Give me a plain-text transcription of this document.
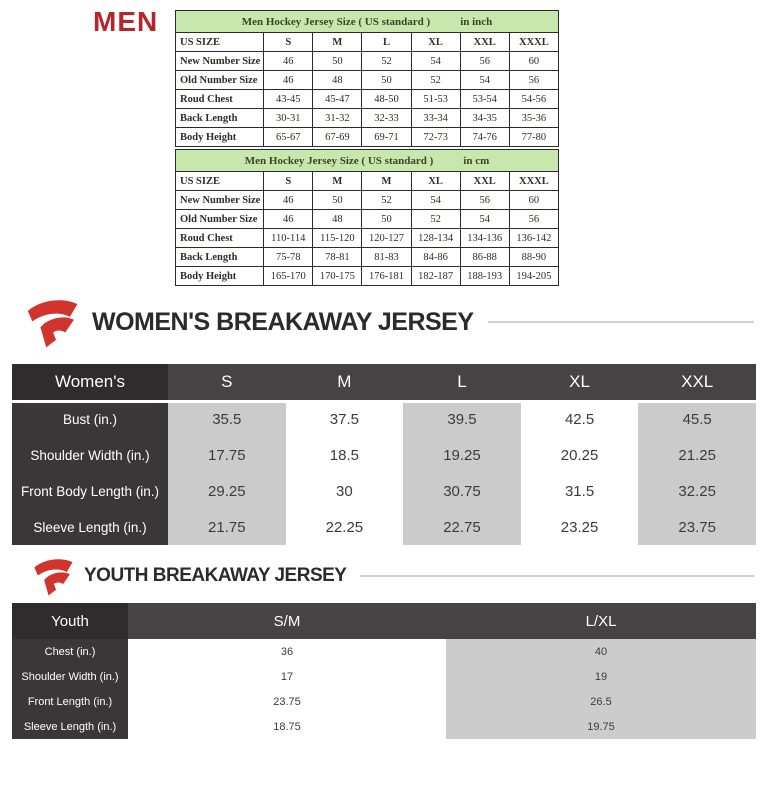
MEN	Men Hockey Jersey Size ( US standard ) in inch						
US SIZE	S	M	L	XL	XXL	XXXL
New Number Size	46	50	52	54	56	60
Old Number Size	46	48	50	52	54	56
Roud Chest	43-45	45-47	48-50	51-53	53-54	54-56
Back Length	30-31	31-32	32-33	33-34	34-35	35-36
Body Height	65-67	67-69	69-71	72-73	74-76	77-80
Men Hockey Jersey Size ( US standard ) in cm						
US SIZE	S	M	M	XL	XXL	XXXL
New Number Size	46	50	52	54	56	60
Old Number Size	46	48	50	52	54	56
Roud Chest	110-114	115-120	120-127	128-134	134-136	136-142
Back Length	75-78	78-81	81-83	84-86	86-88	88-90
Body Height	165-170	170-175	176-181	182-187	188-193	194-205
WOMEN'S BREAKAWAY JERSEY
Women's	S	M	L	XL	XXL
Bust (in.)	35.5	37.5	39.5	42.5	45.5
Shoulder Width (in.)	17.75	18.5	19.25	20.25	21.25
Front Body Length (in.)	29.25	30	30.75	31.5	32.25
Sleeve Length (in.)	21.75	22.25	22.75	23.25	23.75
YOUTH BREAKAWAY JERSEY
Youth	S/M	L/XL
Chest (in.)	36	40
Shoulder Width (in.)	17	19
Front Length (in.)	23.75	26.5
Sleeve Length (in.)	18.75	19.75
